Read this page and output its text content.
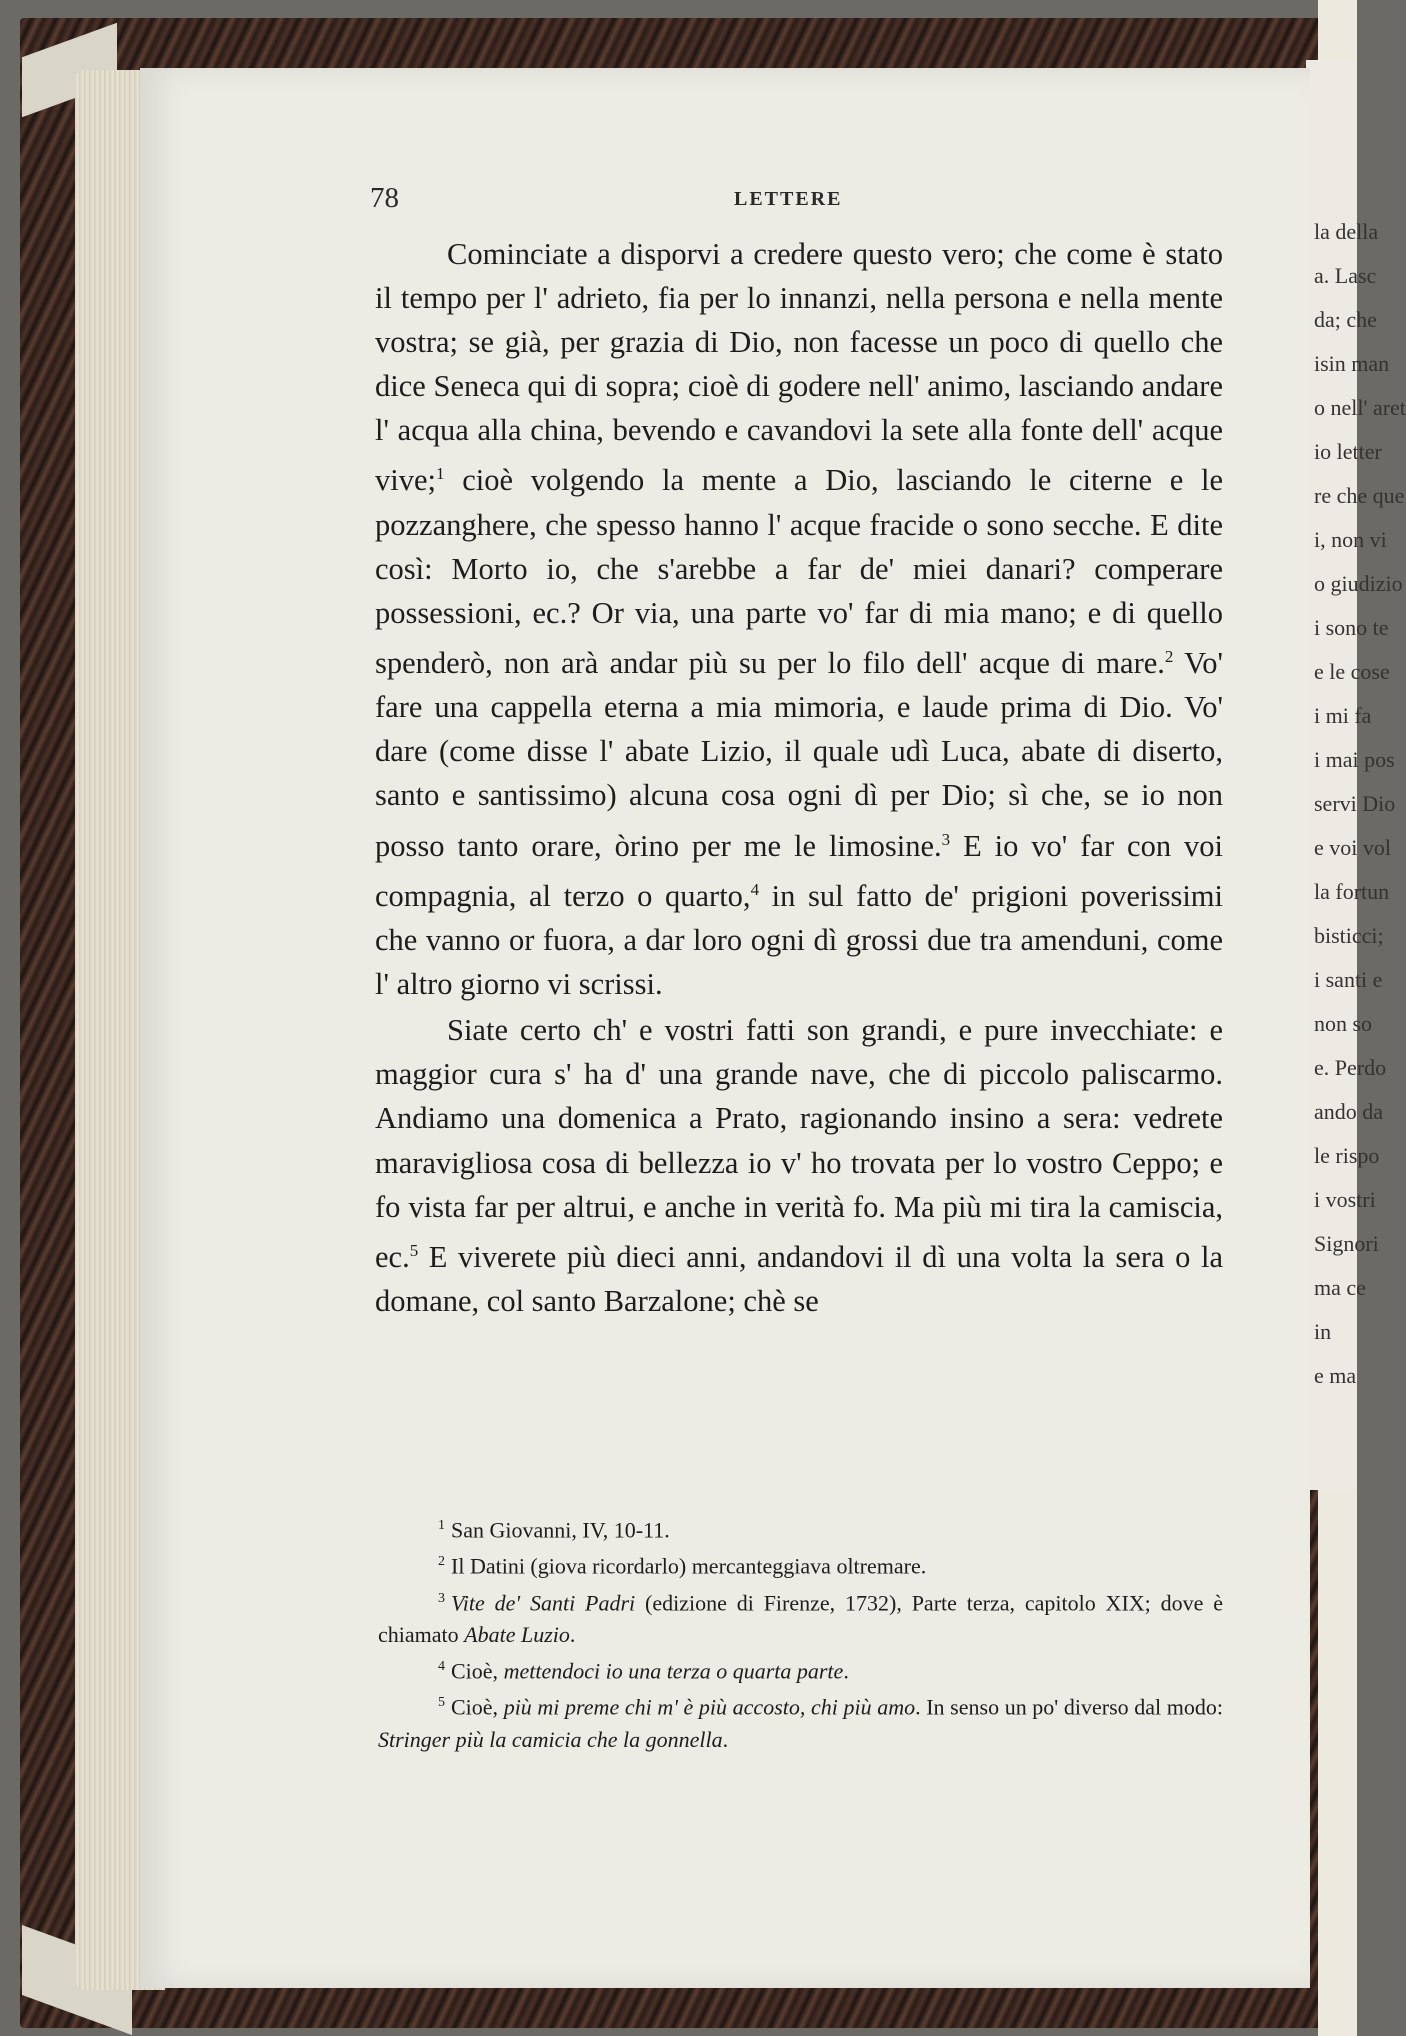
la della
a. Lasc
da; che
isin man
o nell' aret
io letter
re che que
i, non vi
o giudizio
i sono te
e le cose
i mi fa
i mai pos
servi Dio
e voi vol
la fortun
bisticci;
i santi e
non so
e. Perdo
ando da
le rispo
i vostri
Signori
ma ce
in
e ma
78	LETTERE

Cominciate a disporvi a credere questo vero; che come è stato il tempo per l' adrieto, fia per lo innanzi, nella persona e nella mente vostra; se già, per grazia di Dio, non facesse un poco di quello che dice Seneca qui di sopra; cioè di godere nell' animo, lasciando andare l' acqua alla china, bevendo e cavandovi la sete alla fonte dell' acque vive;$^1$ cioè volgendo la mente a Dio, lasciando le citerne e le pozzanghere, che spesso hanno l' acque fracide o sono secche. E dite così: Morto io, che s'arebbe a far de' miei danari? comperare possessioni, ec.? Or via, una parte vo' far di mia mano; e di quello spenderò, non arà andar più su per lo filo dell' acque di mare.$^2$ Vo' fare una cappella eterna a mia mimoria, e laude prima di Dio. Vo' dare (come disse l' abate Lizio, il quale udì Luca, abate di diserto, santo e santissimo) alcuna cosa ogni dì per Dio; sì che, se io non posso tanto orare, òrino per me le limosine.$^3$ E io vo' far con voi compagnia, al terzo o quarto,$^4$ in sul fatto de' prigioni poverissimi che vanno or fuora, a dar loro ogni dì grossi due tra amenduni, come l' altro giorno vi scrissi.

Siate certo ch' e vostri fatti son grandi, e pure invecchiate: e maggior cura s' ha d' una grande nave, che di piccolo paliscarmo. Andiamo una domenica a Prato, ragionando insino a sera: vedrete maravigliosa cosa di bellezza io v' ho trovata per lo vostro Ceppo; e fo vista far per altrui, e anche in verità fo. Ma più mi tira la camiscia, ec.$^5$ E viverete più dieci anni, andandovi il dì una volta la sera o la domane, col santo Barzalone; chè se

$^1$ San Giovanni, IV, 10-11.

$^2$ Il Datini (giova ricordarlo) mercanteggiava oltremare.

$^3$ Vite de' Santi Padri (edizione di Firenze, 1732), Parte terza, capitolo XIX; dove è chiamato Abate Luzio.

$^4$ Cioè, mettendoci io una terza o quarta parte.

$^5$ Cioè, più mi preme chi m' è più accosto, chi più amo. In senso un po' diverso dal modo: Stringer più la camicia che la gonnella.
